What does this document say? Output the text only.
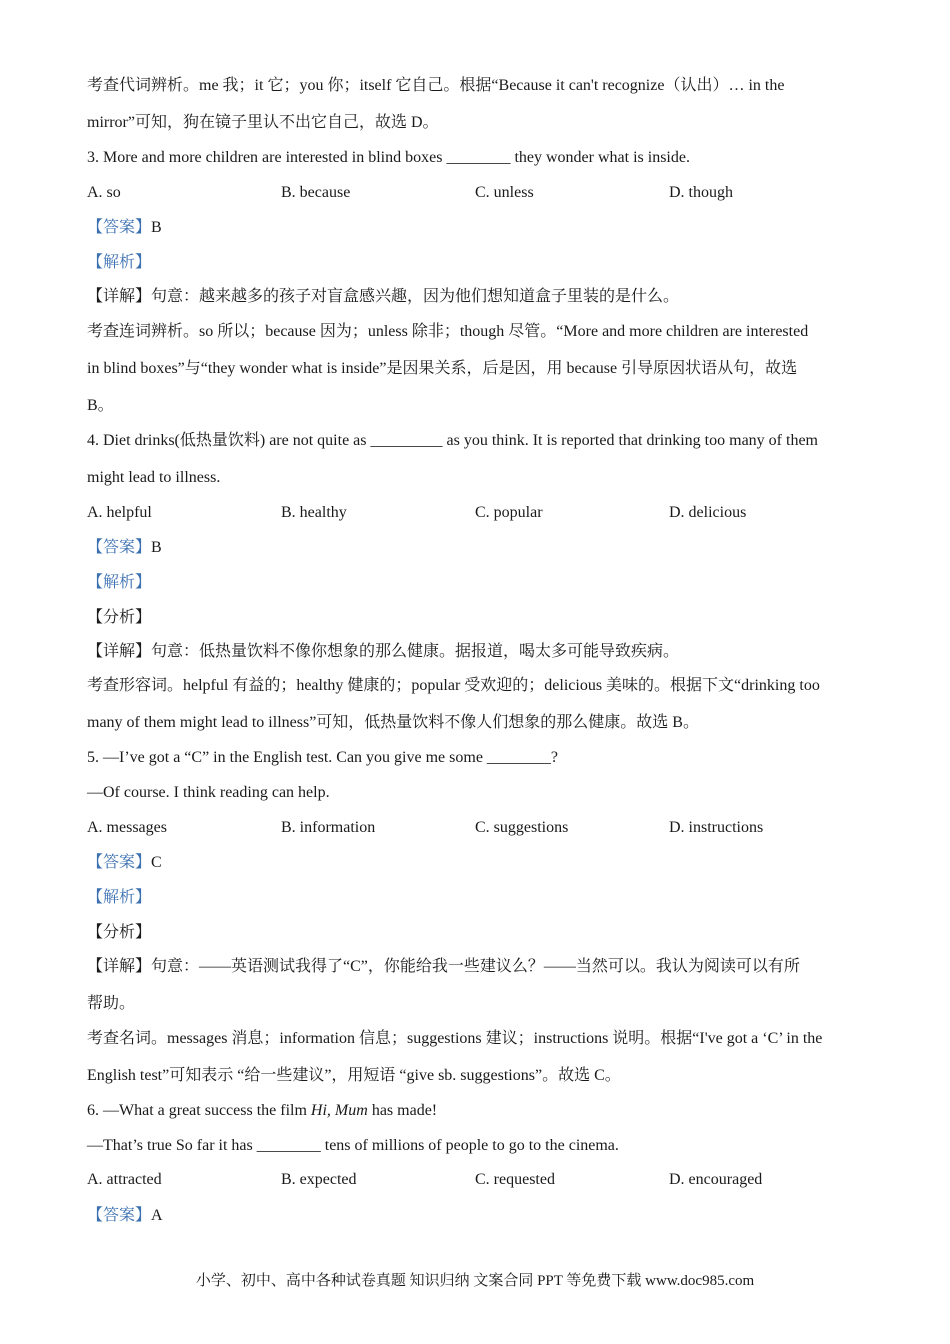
考查代词辨析。me 我；it 它；you 你；itself 它自己。根据“Because it can't recognize（认出）… in the
mirror”可知，狗在镜子里认不出它自己，故选 D。
3. More and more children are interested in blind boxes ________ they wonder what is inside.
A. so	B. because	C. unless	D. though
【答案】B
【解析】
【详解】句意：越来越多的孩子对盲盒感兴趣，因为他们想知道盒子里装的是什么。
考查连词辨析。so 所以；because 因为；unless 除非；though 尽管。“More and more children are interested
in blind boxes”与“they wonder what is inside”是因果关系，后是因，用 because 引导原因状语从句，故选
B。
4. Diet drinks(低热量饮料) are not quite as _________ as you think. It is reported that drinking too many of them
might lead to illness.
A. helpful	B. healthy	C. popular	D. delicious
【答案】B
【解析】
【分析】
【详解】句意：低热量饮料不像你想象的那么健康。据报道，喝太多可能导致疾病。
考查形容词。helpful 有益的；healthy 健康的；popular 受欢迎的；delicious 美味的。根据下文“drinking too
many of them might lead to illness”可知，低热量饮料不像人们想象的那么健康。故选 B。
5. —I’ve got a “C” in the English test. Can you give me some ________?
—Of course. I think reading can help.
A. messages	B. information	C. suggestions	D. instructions
【答案】C
【解析】
【分析】
【详解】句意：——英语测试我得了“C”，你能给我一些建议么？——当然可以。我认为阅读可以有所
帮助。
考查名词。messages 消息；information 信息；suggestions 建议；instructions 说明。根据“I've got a ‘C’ in the
English test”可知表示 “给一些建议”，用短语 “give sb. suggestions”。故选 C。
6. —What a great success the film Hi, Mum has made!
—That’s true So far it has ________ tens of millions of people to go to the cinema.
A. attracted	B. expected	C. requested	D. encouraged
【答案】A
小学、初中、高中各种试卷真题 知识归纳 文案合同 PPT 等免费下载 www.doc985.com
